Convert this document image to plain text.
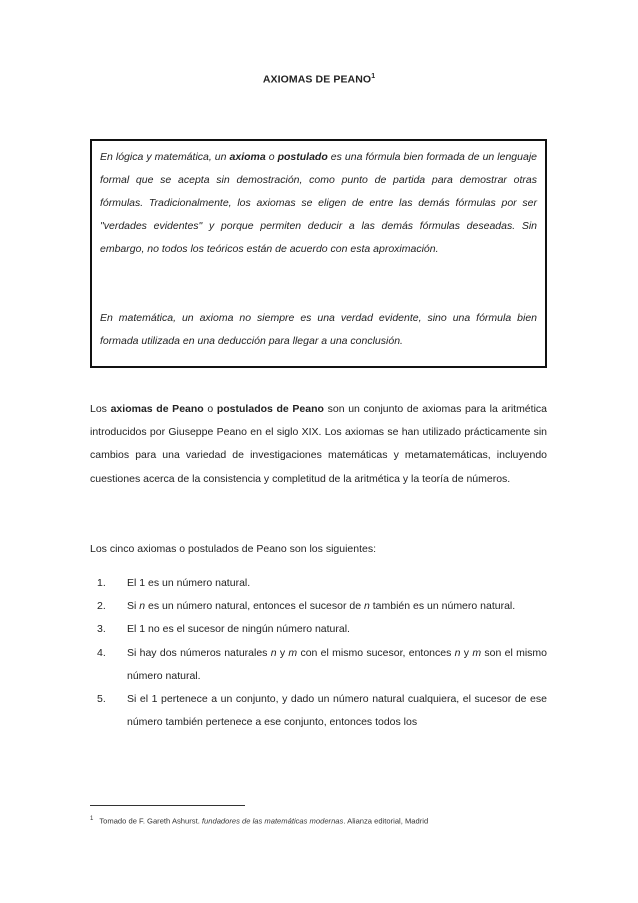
AXIOMAS DE PEANO$^1$

En lógica y matemática, un axioma o postulado es una fórmula bien formada de un lenguaje formal que se acepta sin demostración, como punto de partida para demostrar otras fórmulas. Tradicionalmente, los axiomas se eligen de entre las demás fórmulas por ser "verdades evidentes" y porque permiten deducir a las demás fórmulas deseadas. Sin embargo, no todos los teóricos están de acuerdo con esta aproximación.

En matemática, un axioma no siempre es una verdad evidente, sino una fórmula bien formada utilizada en una deducción para llegar a una conclusión.

Los axiomas de Peano o postulados de Peano son un conjunto de axiomas para la aritmética introducidos por Giuseppe Peano en el siglo XIX. Los axiomas se han utilizado prácticamente sin cambios para una variedad de investigaciones matemáticas y metamatemáticas, incluyendo cuestiones acerca de la consistencia y completitud de la aritmética y la teoría de números.

Los cinco axiomas o postulados de Peano son los siguientes:

1. El 1 es un número natural.
2. Si n es un número natural, entonces el sucesor de n también es un número natural.
3. El 1 no es el sucesor de ningún número natural.
4. Si hay dos números naturales n y m con el mismo sucesor, entonces n y m son el mismo número natural.
5. Si el 1 pertenece a un conjunto, y dado un número natural cualquiera, el sucesor de ese número también pertenece a ese conjunto, entonces todos los
$^1$ Tomado de F. Gareth Ashurst. fundadores de las matemáticas modernas. Alianza editorial, Madrid
